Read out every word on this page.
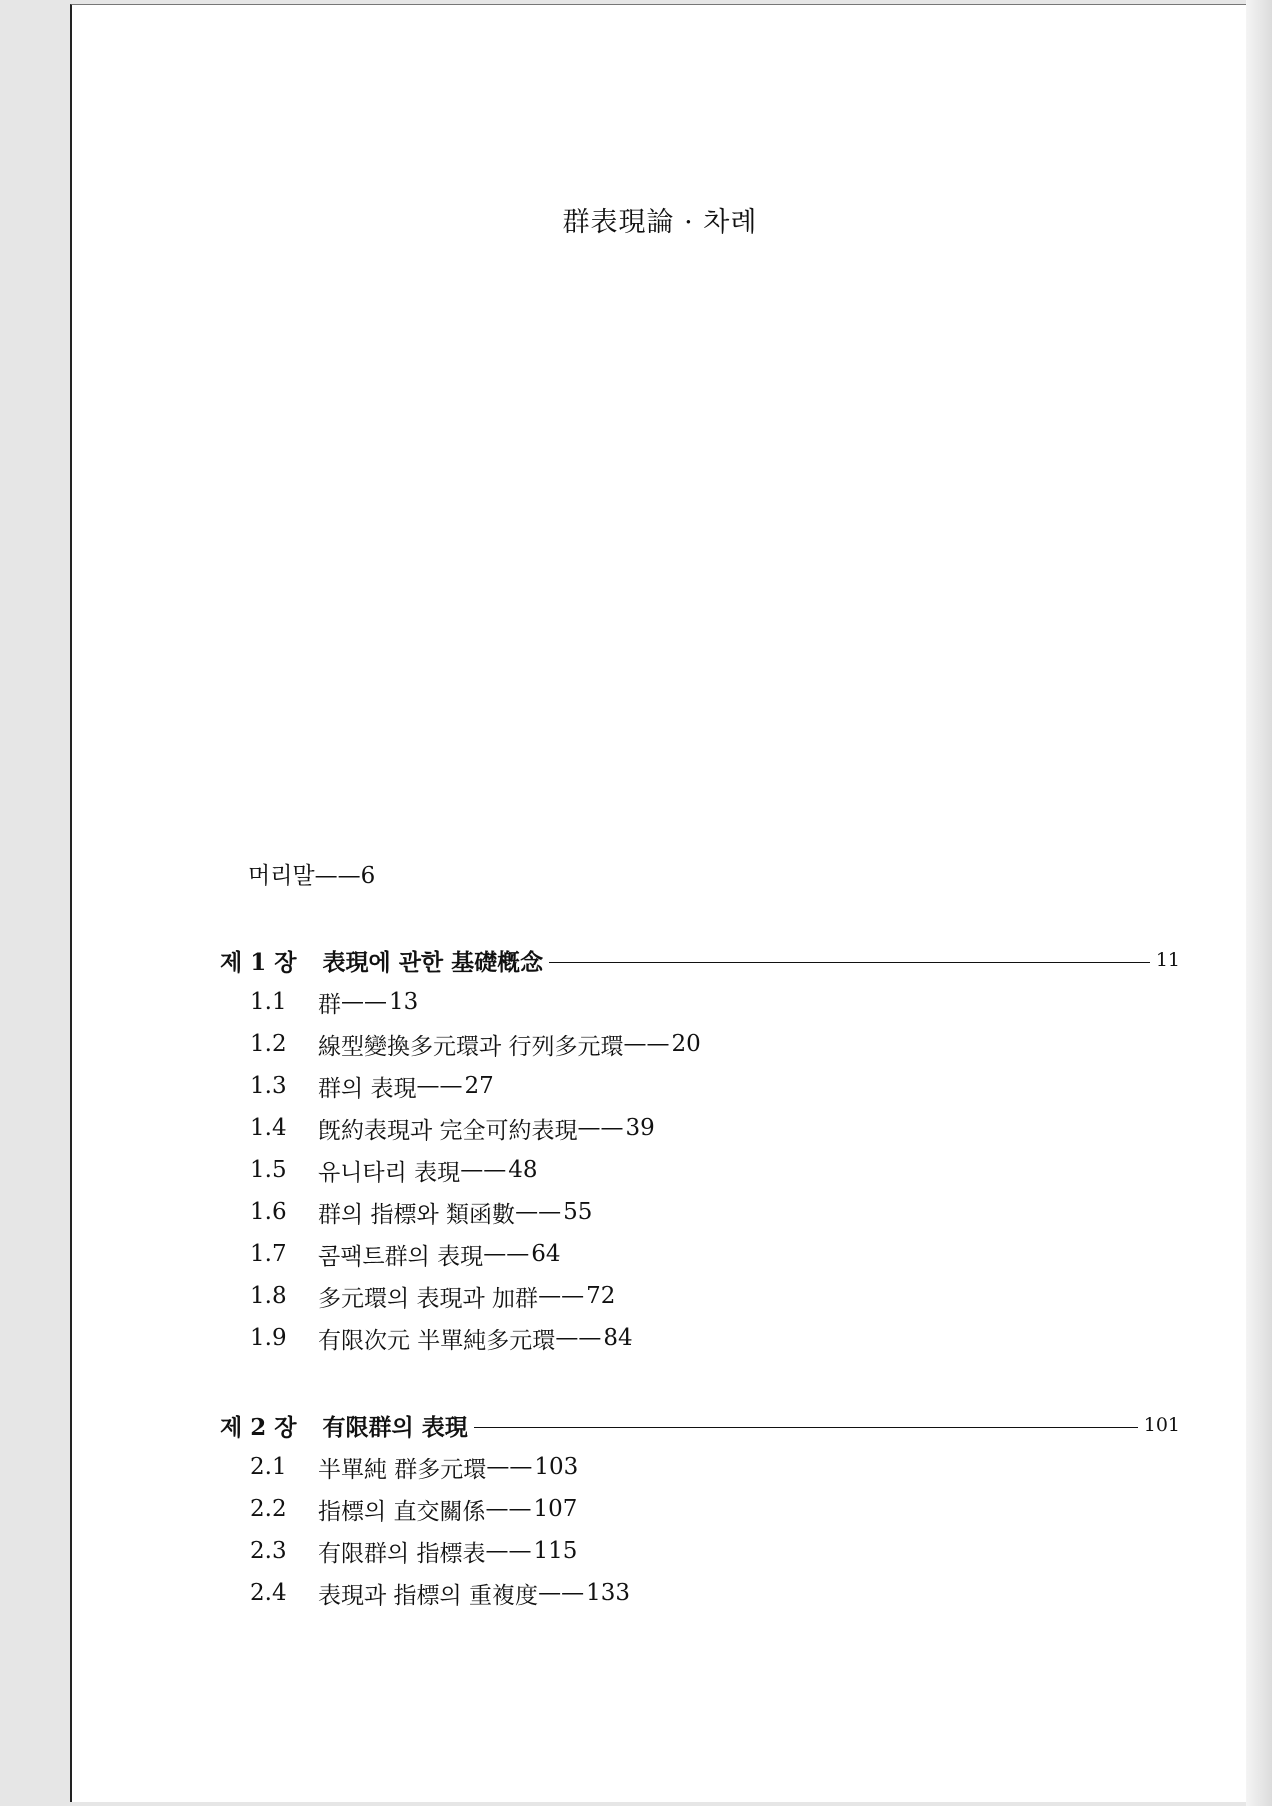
群表現論 · 차례
머리말——6
제 1 장 表現에 관한 基礎槪念	11
1.1	群 —— 13
1.2	線型變換多元環과 行列多元環 —— 20
1.3	群의 表現 —— 27
1.4	旣約表現과 完全可約表現 —— 39
1.5	유니타리 表現 —— 48
1.6	群의 指標와 類函數 —— 55
1.7	콤팩트群의 表現 —— 64
1.8	多元環의 表現과 加群 —— 72
1.9	有限次元 半單純多元環 —— 84
제 2 장 有限群의 表現	101
2.1	半單純 群多元環 —— 103
2.2	指標의 直交關係 —— 107
2.3	有限群의 指標表 —— 115
2.4	表現과 指標의 重複度 —— 133
